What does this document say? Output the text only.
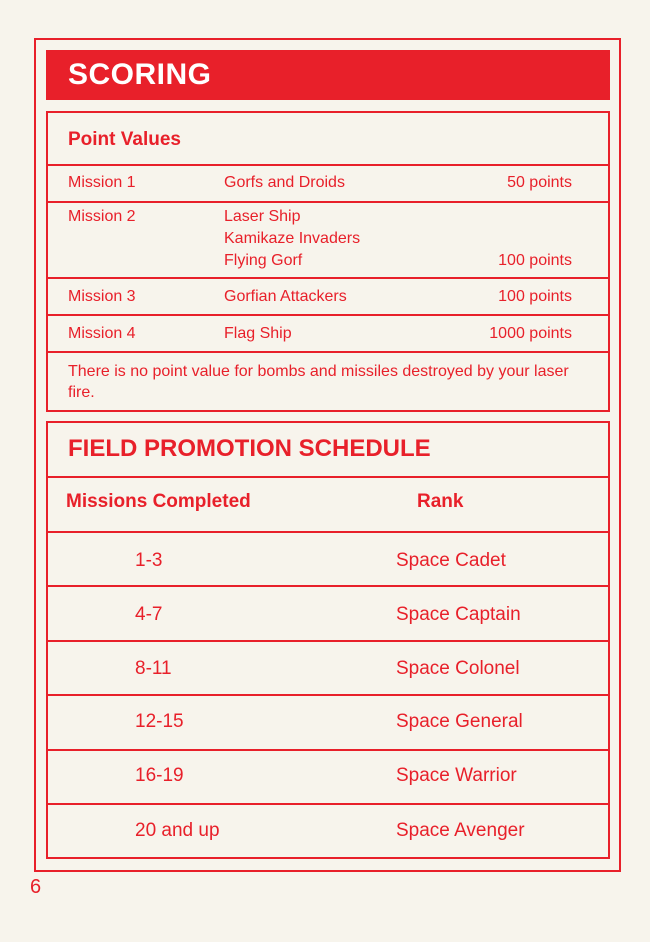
SCORING
Point Values
Mission 1	Gorfs and Droids	50 points
Mission 2	Laser Ship
Kamikaze Invaders
Flying Gorf	100 points
Mission 3	Gorfian Attackers	100 points
Mission 4	Flag Ship	1000 points
There is no point value for bombs and missiles destroyed by your laser fire.
FIELD PROMOTION SCHEDULE
Missions Completed	Rank
1-3	Space Cadet
4-7	Space Captain
8-11	Space Colonel
12-15	Space General
16-19	Space Warrior
20 and up	Space Avenger
6
